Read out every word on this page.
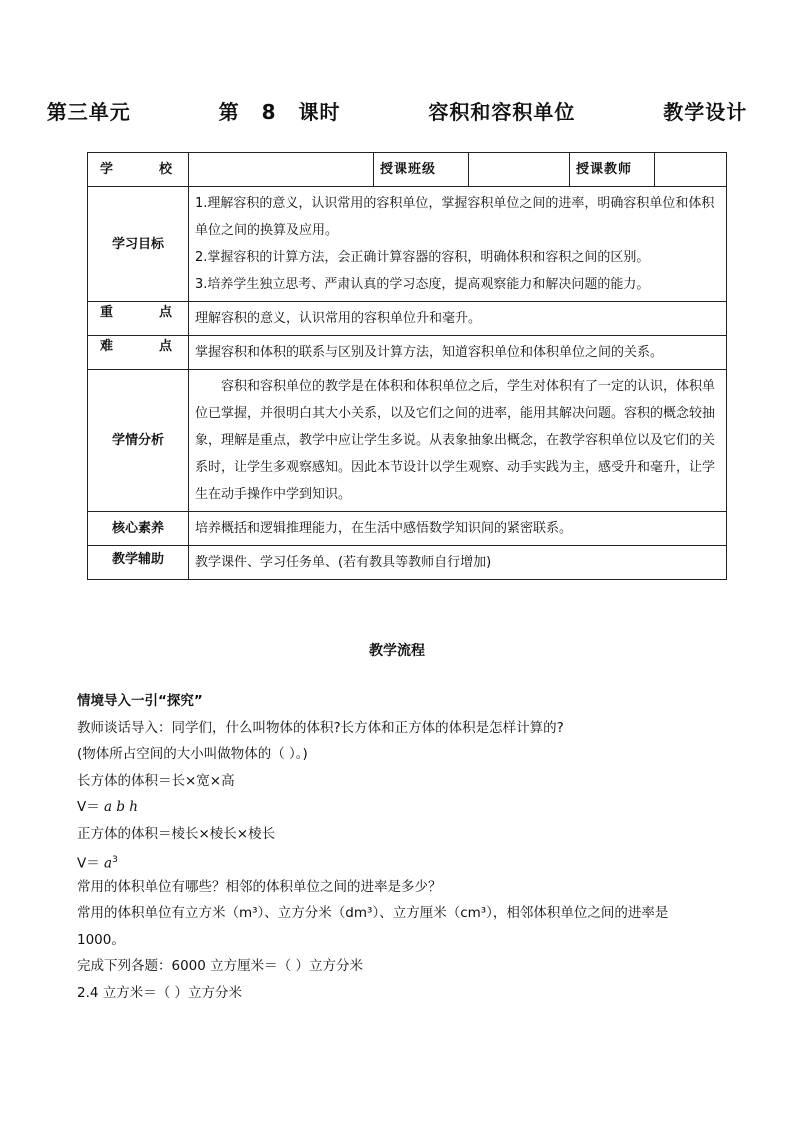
第三单元    第 8 课时    容积和容积单位    教学设计
学 校		授课班级		授课教师	
学习目标	1.理解容积的意义，认识常用的容积单位，掌握容积单位之间的进率，明确容积单位和体积单位之间的换算及应用。
2.掌握容积的计算方法，会正确计算容器的容积，明确体积和容积之间的区别。
3.培养学生独立思考、严肃认真的学习态度，提高观察能力和解决问题的能力。				

重 点	理解容积的意义，认识常用的容积单位升和毫升。				
难 点	掌握容积和体积的联系与区别及计算方法，知道容积单位和体积单位之间的关系。				
学情分析	容积和容积单位的教学是在体积和体积单位之后，学生对体积有了一定的认识，体积单位已掌握，并很明白其大小关系，以及它们之间的进率，能用其解决问题。容积的概念较抽象，理解是重点，教学中应让学生多说。从表象抽象出概念，在教学容积单位以及它们的关系时，让学生多观察感知。因此本节设计以学生观察、动手实践为主，感受升和毫升，让学生在动手操作中学到知识。				
核心素养	培养概括和逻辑推理能力，在生活中感悟数学知识间的紧密联系。				
教学辅助	教学课件、学习任务单、(若有教具等教师自行增加)				
教学流程
情境导入一引“探究”
教师谈话导入：同学们，什么叫物体的体积?长方体和正方体的体积是怎样计算的?
(物体所占空间的大小叫做物体的（ ）。)
长方体的体积＝长×宽×高
V＝ a b h
正方体的体积＝棱长×棱长×棱长
$V= a^3$
常用的体积单位有哪些？相邻的体积单位之间的进率是多少？
常用的体积单位有立方米（m³）、立方分米（dm³）、立方厘米（cm³），相邻体积单位之间的进率是
1000。
完成下列各题：6000 立方厘米＝（ ）立方分米
2.4 立方米＝（ ）立方分米
